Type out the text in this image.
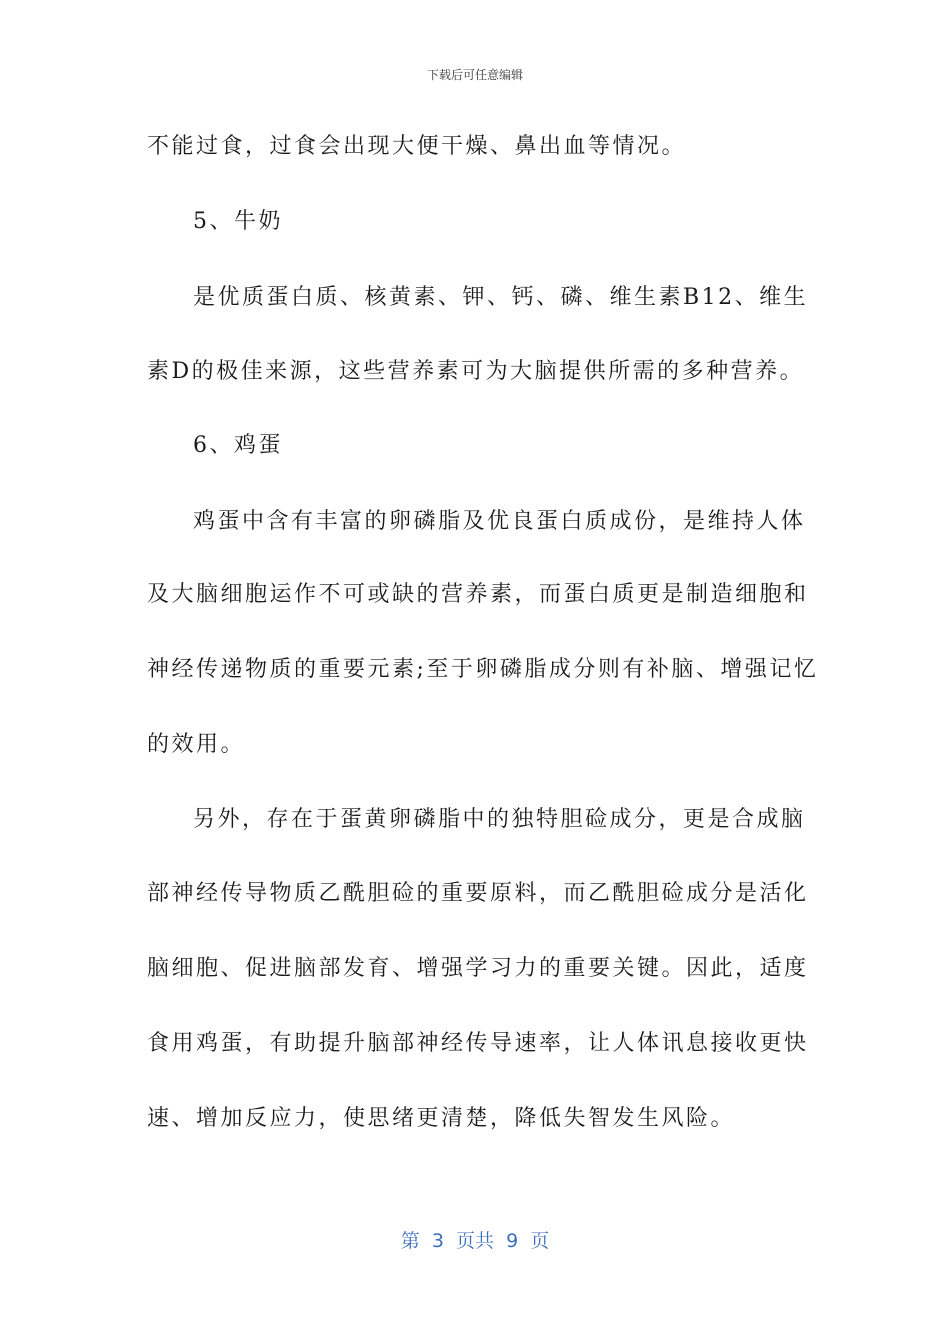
下载后可任意编辑
不能过食，过食会出现大便干燥、鼻出血等情况。
5、牛奶
是优质蛋白质、核黄素、钾、钙、磷、维生素B12、维生
素D的极佳来源，这些营养素可为大脑提供所需的多种营养。
6、鸡蛋
鸡蛋中含有丰富的卵磷脂及优良蛋白质成份，是维持人体
及大脑细胞运作不可或缺的营养素，而蛋白质更是制造细胞和
神经传递物质的重要元素;至于卵磷脂成分则有补脑、增强记忆
的效用。
另外，存在于蛋黄卵磷脂中的独特胆硷成分，更是合成脑
部神经传导物质乙酰胆硷的重要原料，而乙酰胆硷成分是活化
脑细胞、促进脑部发育、增强学习力的重要关键。因此，适度
食用鸡蛋，有助提升脑部神经传导速率，让人体讯息接收更快
速、增加反应力，使思绪更清楚，降低失智发生风险。
第  3  页共  9  页
